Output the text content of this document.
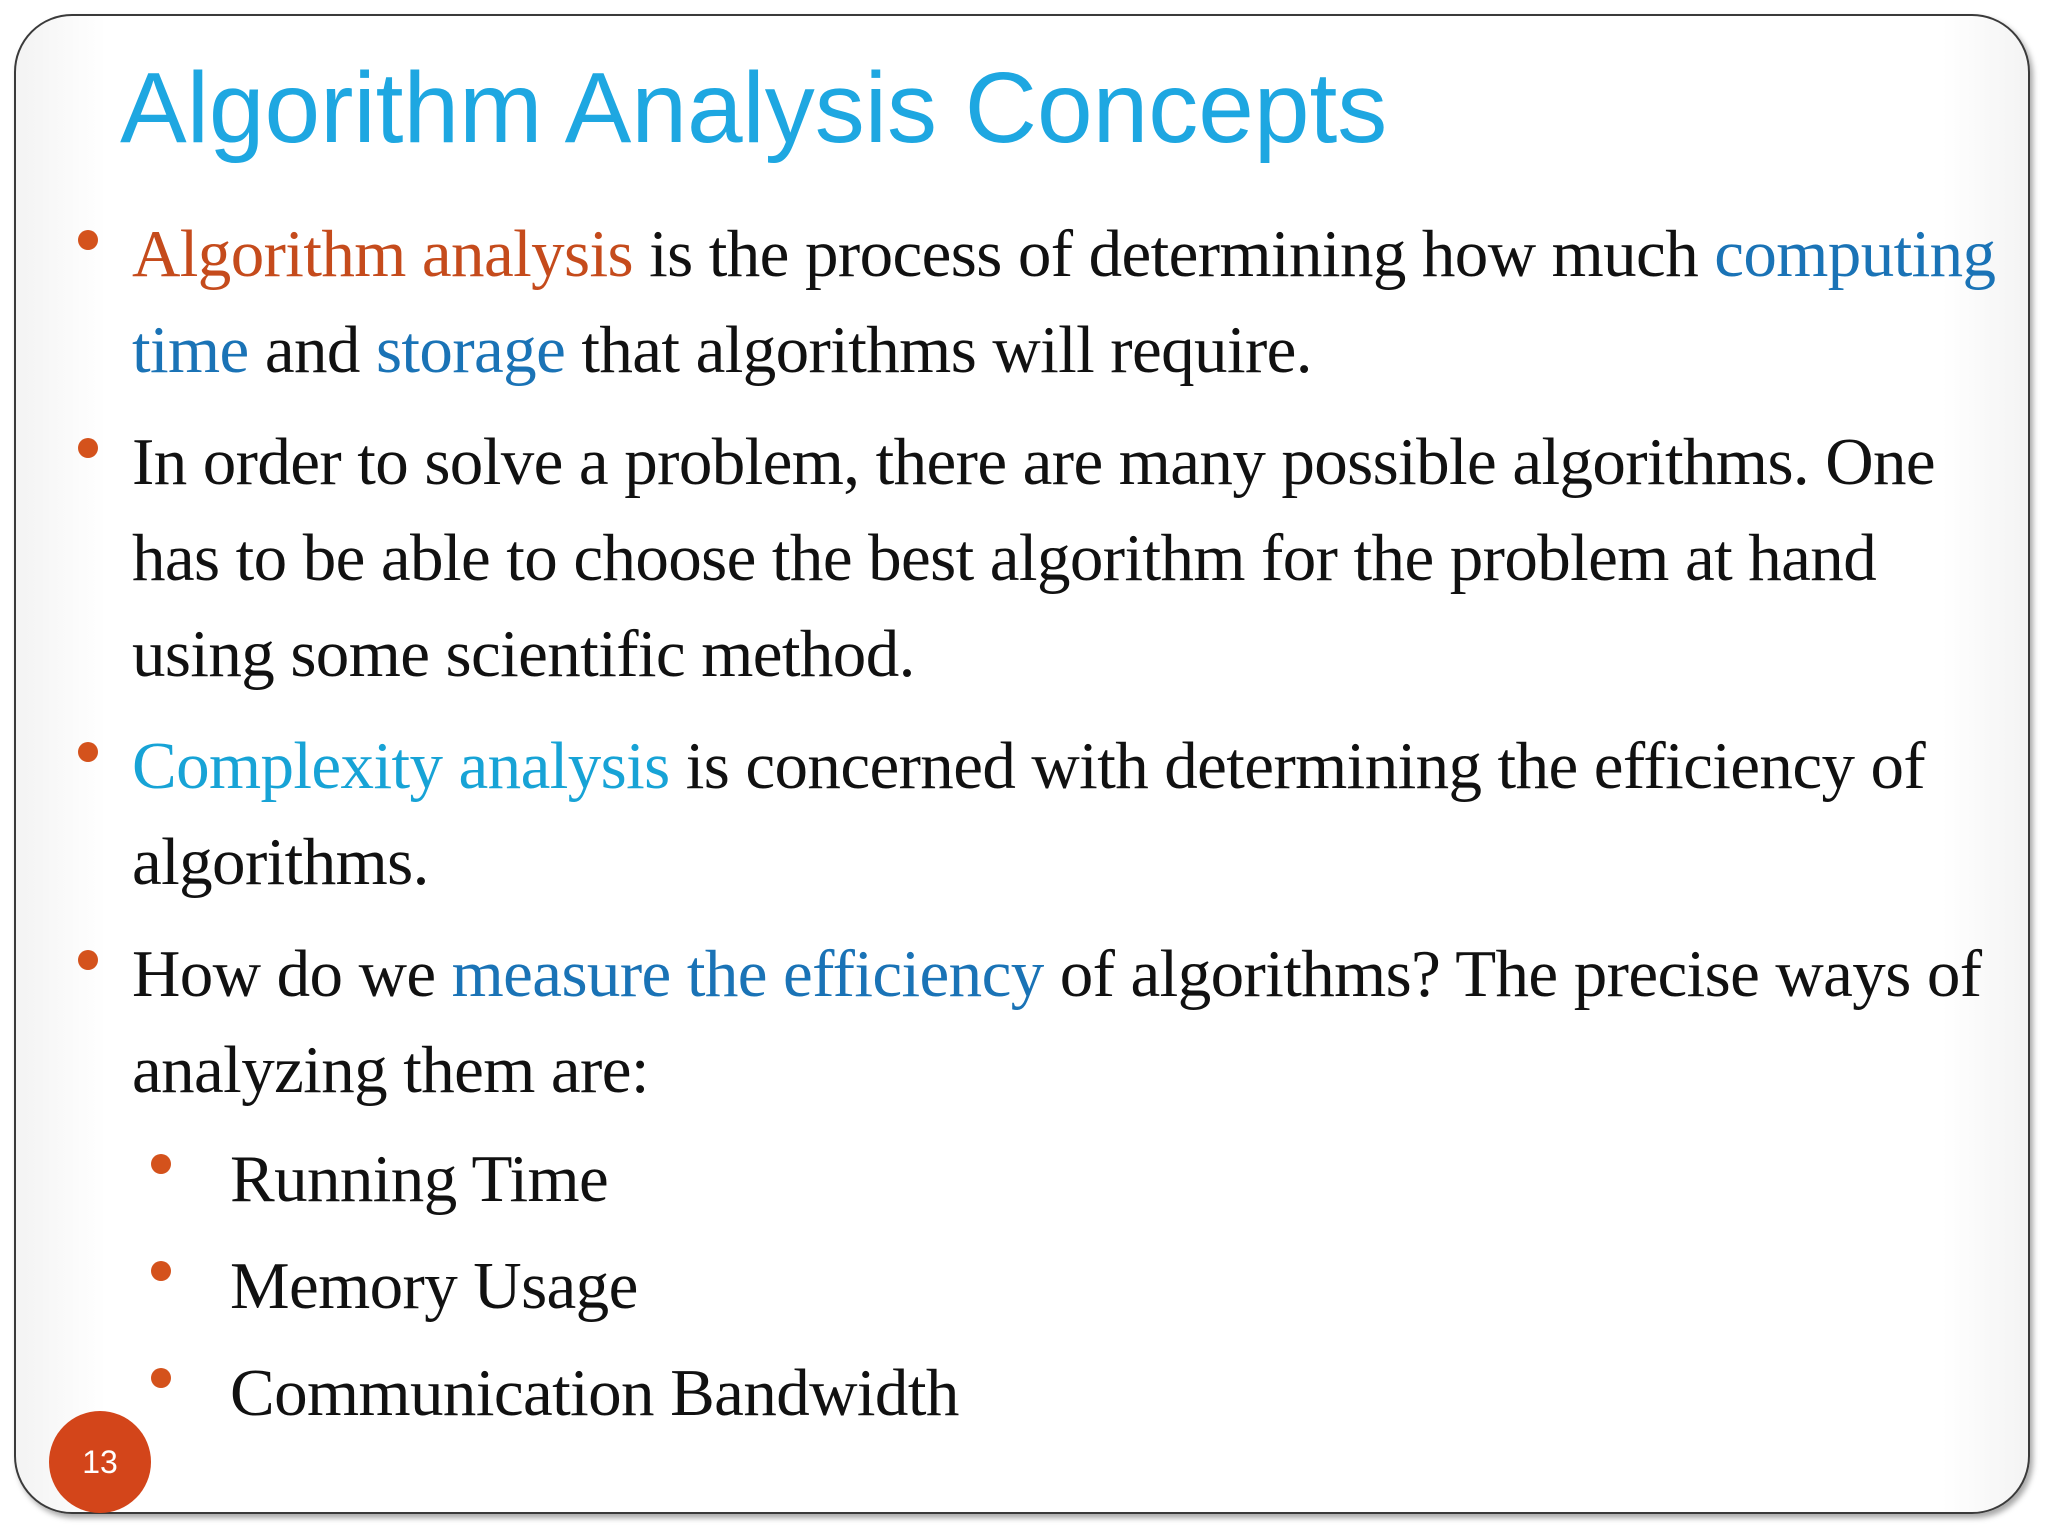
Algorithm Analysis Concepts
Algorithm analysis is the process of determining how much computing time and storage that algorithms will require.
In order to solve a problem, there are many possible algorithms. One has to be able to choose the best algorithm for the problem at hand using some scientific method.
Complexity analysis is concerned with determining the efficiency of algorithms.
How do we measure the efficiency of algorithms? The precise ways of analyzing them are:
Running Time
Memory Usage
Communication Bandwidth
13
